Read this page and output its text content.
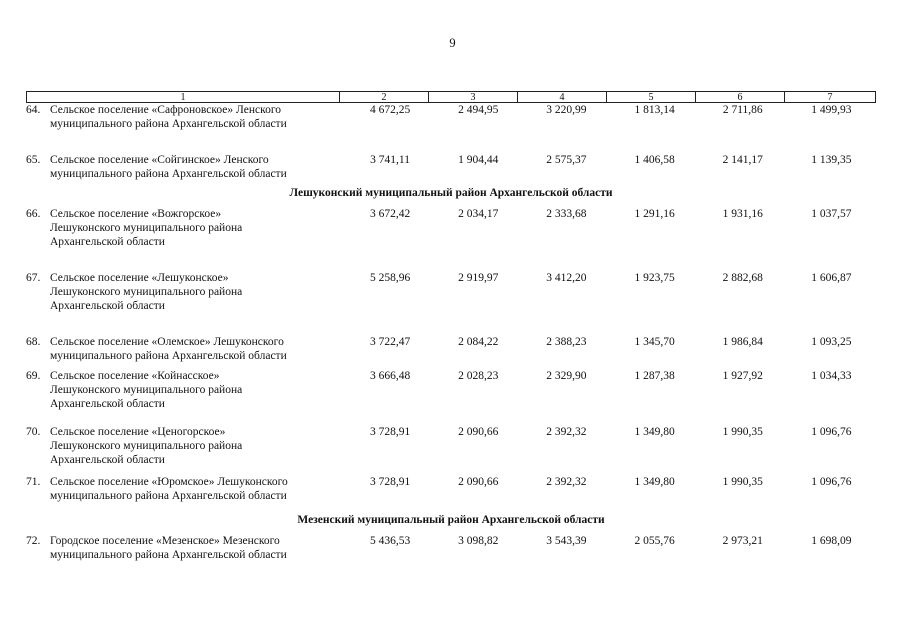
9
1	2	3	4	5	6	7
64. Сельское поселение «Сафроновское» Ленского
муниципального района Архангельской области
4 672,25	2 494,95	3 220,99	1 813,14	2 711,86	1 499,93
65. Сельское поселение «Сойгинское» Ленского
муниципального района Архангельской области
3 741,11	1 904,44	2 575,37	1 406,58	2 141,17	1 139,35
Лешуконский муниципальный район Архангельской области
66. Сельское поселение «Вожгорское»
Лешуконского муниципального района
Архангельской области
3 672,42	2 034,17	2 333,68	1 291,16	1 931,16	1 037,57
67. Сельское поселение «Лешуконское»
Лешуконского муниципального района
Архангельской области
5 258,96	2 919,97	3 412,20	1 923,75	2 882,68	1 606,87
68. Сельское поселение «Олемское» Лешуконского
муниципального района Архангельской области
3 722,47	2 084,22	2 388,23	1 345,70	1 986,84	1 093,25
69. Сельское поселение «Койнасское»
Лешуконского муниципального района
Архангельской области
3 666,48	2 028,23	2 329,90	1 287,38	1 927,92	1 034,33
70. Сельское поселение «Ценогорское»
Лешуконского муниципального района
Архангельской области
3 728,91	2 090,66	2 392,32	1 349,80	1 990,35	1 096,76
71. Сельское поселение «Юромское» Лешуконского
муниципального района Архангельской области
3 728,91	2 090,66	2 392,32	1 349,80	1 990,35	1 096,76
Мезенский муниципальный район Архангельской области
72. Городское поселение «Мезенское» Мезенского
муниципального района Архангельской области
5 436,53	3 098,82	3 543,39	2 055,76	2 973,21	1 698,09
